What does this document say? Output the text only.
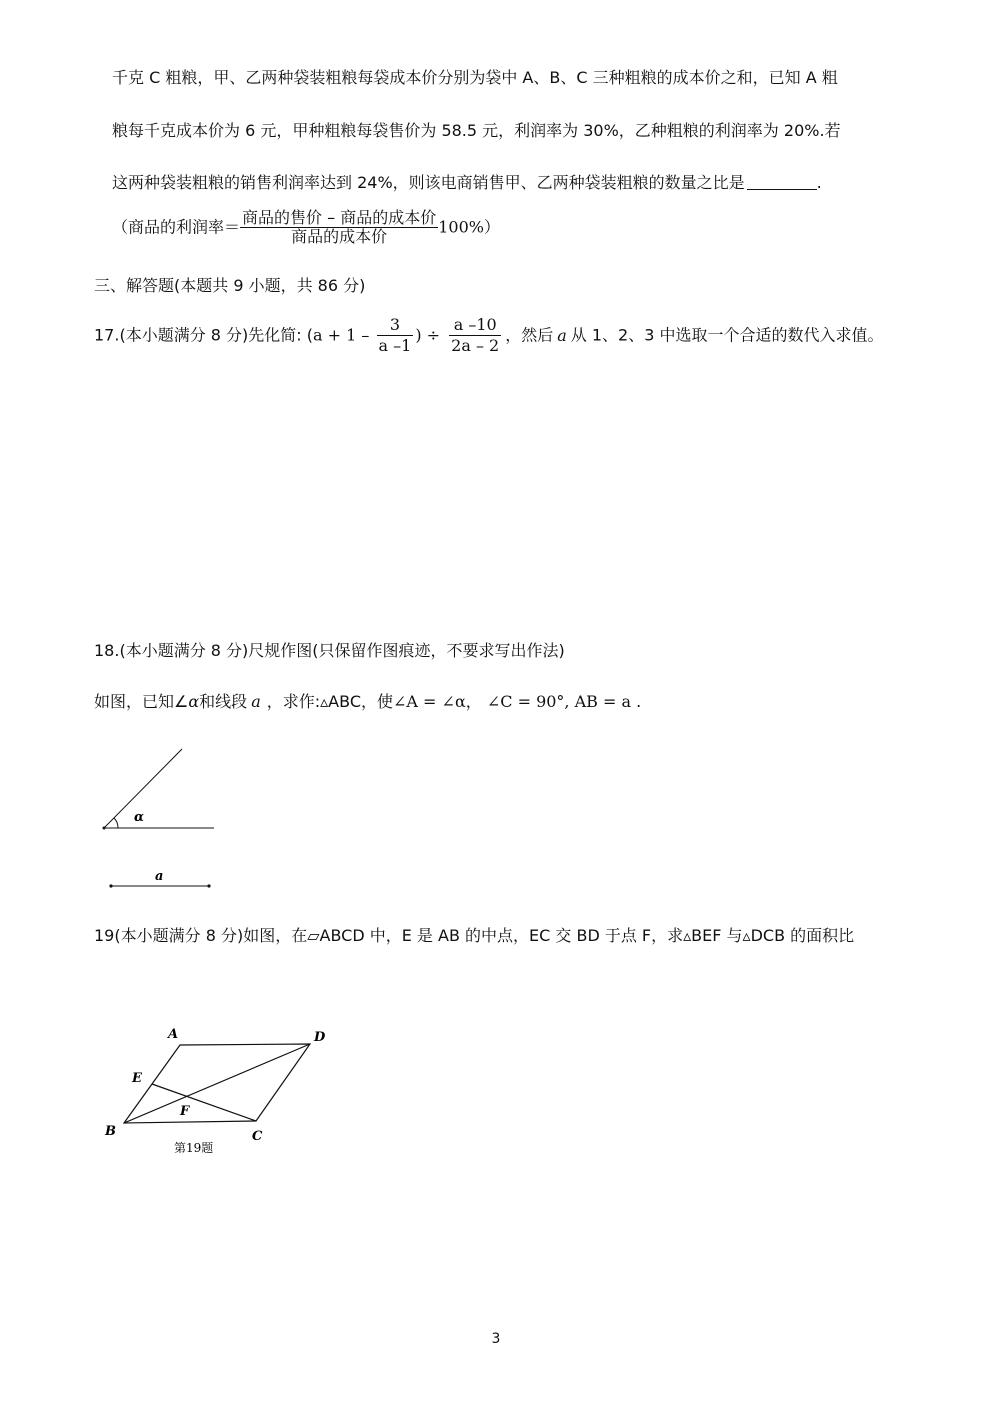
千克 C 粗粮，甲、乙两种袋装粗粮每袋成本价分别为袋中 A、B、C 三种粗粮的成本价之和，已知 A 粗
粮每千克成本价为 6 元，甲种粗粮每袋售价为 58.5 元，利润率为 30%，乙种粗粮的利润率为 20%.若
这两种袋装粗粮的销售利润率达到 24%，则该电商销售甲、乙两种袋装粗粮的数量之比是	.
（商品的利润率＝ $\frac{\text{商品的售价 – 商品的成本价}}{\text{商品的成本价}} 100\%$）
三、解答题(本题共 9 小题，共 86 分)
17.(本小题满分 8 分)先化简: ($a + 1 - \frac{3}{a -1}$ ) ÷ $\frac{a -10}{2a - 2}$ ，然后 a 从 1、2、3 中选取一个合适的数代入求值。
18.(本小题满分 8 分)尺规作图(只保留作图痕迹，不要求写出作法)
如图，已知∠α和线段 a ，求作:▵ABC，使∠A = ∠α， ∠C = 90°, AB = a .
α
a
19(本小题满分 8 分)如图，在▱ABCD 中，E 是 AB 的中点，EC 交 BD 于点 F，求▵BEF 与▵DCB 的面积比
A	D
E
F
B	C
第19题
3
